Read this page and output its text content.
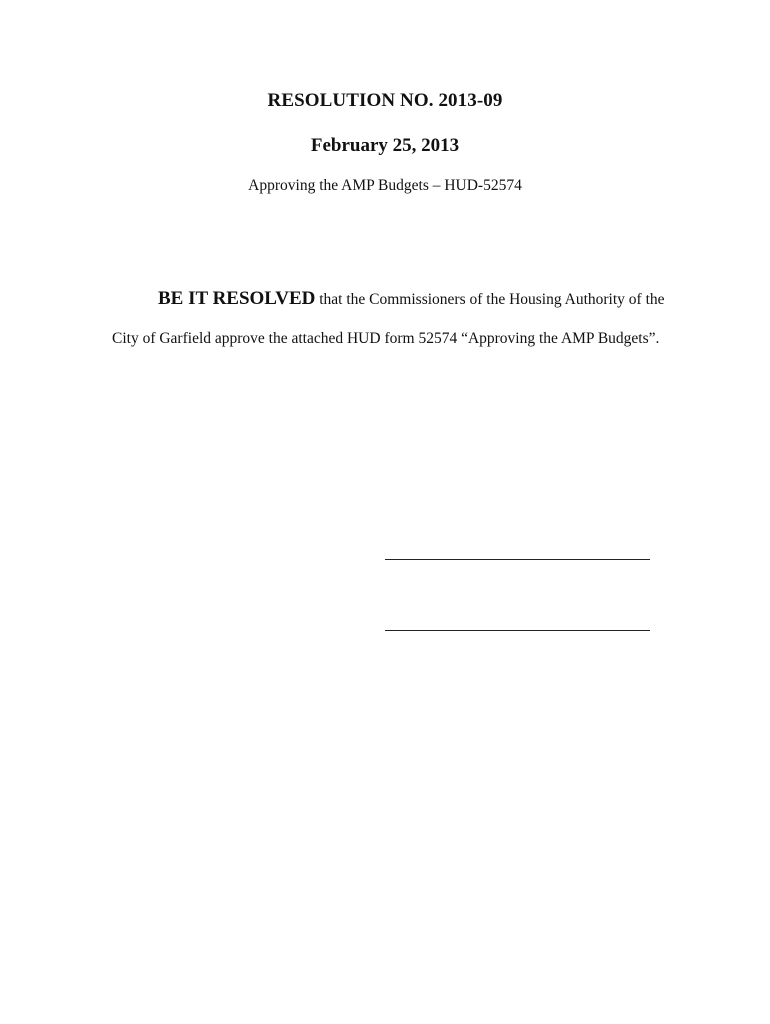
RESOLUTION NO. 2013-09
February 25, 2013
Approving the AMP Budgets – HUD-52574
BE IT RESOLVED that the Commissioners of the Housing Authority of the
City of Garfield approve the attached HUD form 52574 “Approving the AMP Budgets”.
